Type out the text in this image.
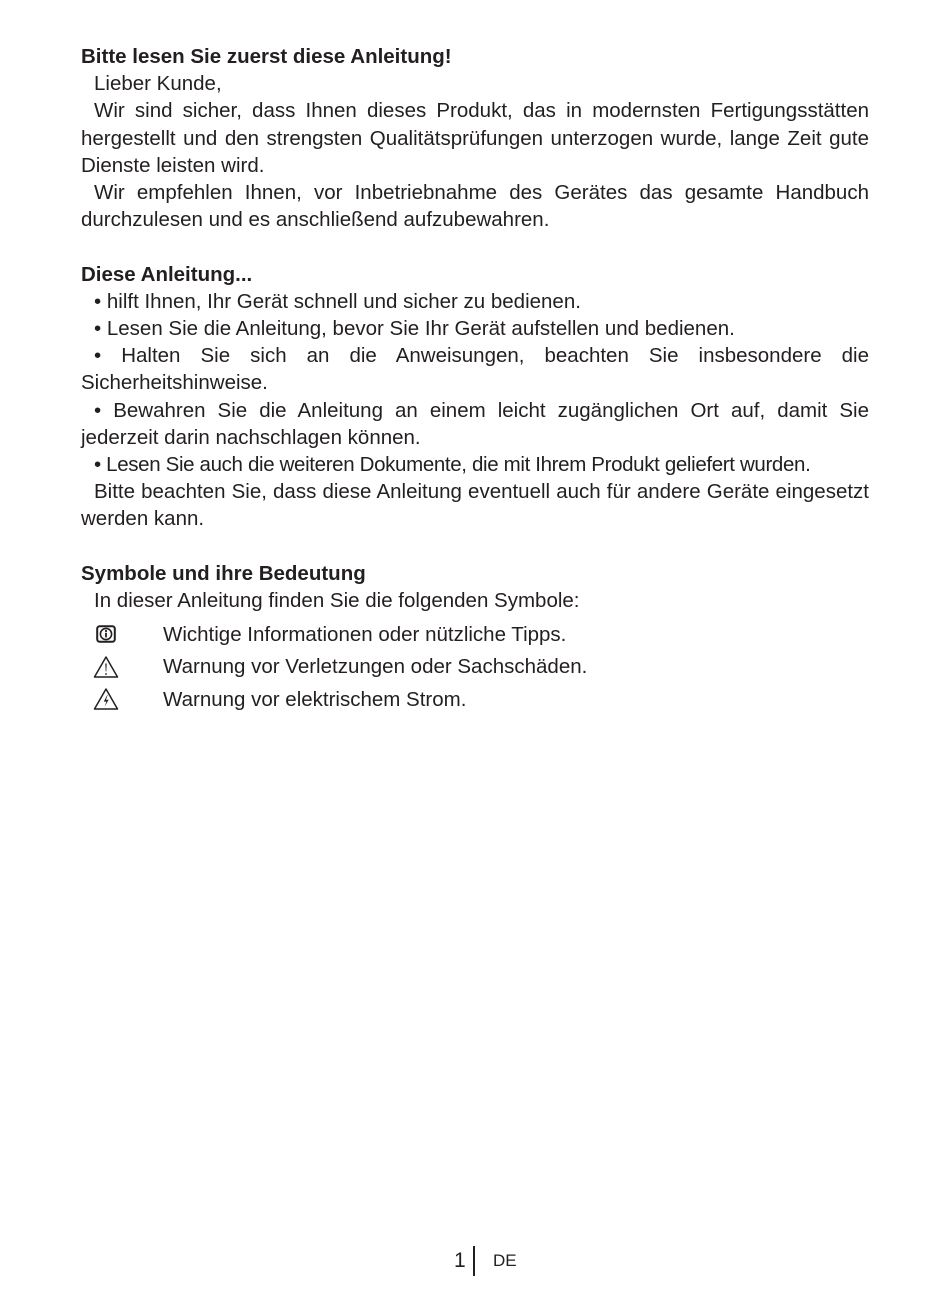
Bitte lesen Sie zuerst diese Anleitung!

Lieber Kunde,

Wir sind sicher, dass Ihnen dieses Produkt, das in modernsten Fertigungsstätten hergestellt und den strengsten Qualitätsprüfungen unterzogen wurde, lange Zeit gute Dienste leisten wird.

Wir empfehlen Ihnen, vor Inbetriebnahme des Gerätes das gesamte Handbuch durchzulesen und es anschließend aufzubewahren.

Diese Anleitung...

• hilft Ihnen, Ihr Gerät schnell und sicher zu bedienen.

• Lesen Sie die Anleitung, bevor Sie Ihr Gerät aufstellen und bedienen.

• Halten Sie sich an die Anweisungen, beachten Sie insbesondere die Sicherheitshinweise.

• Bewahren Sie die Anleitung an einem leicht zugänglichen Ort auf, damit Sie jederzeit darin nachschlagen können.

• Lesen Sie auch die weiteren Dokumente, die mit Ihrem Produkt geliefert wurden.

Bitte beachten Sie, dass diese Anleitung eventuell auch für andere Geräte eingesetzt werden kann.

Symbole und ihre Bedeutung

In dieser Anleitung finden Sie die folgenden Symbole:

Wichtige Informationen oder nützliche Tipps.
Warnung vor Verletzungen oder Sachschäden.
Warnung vor elektrischem Strom.
1 DE
